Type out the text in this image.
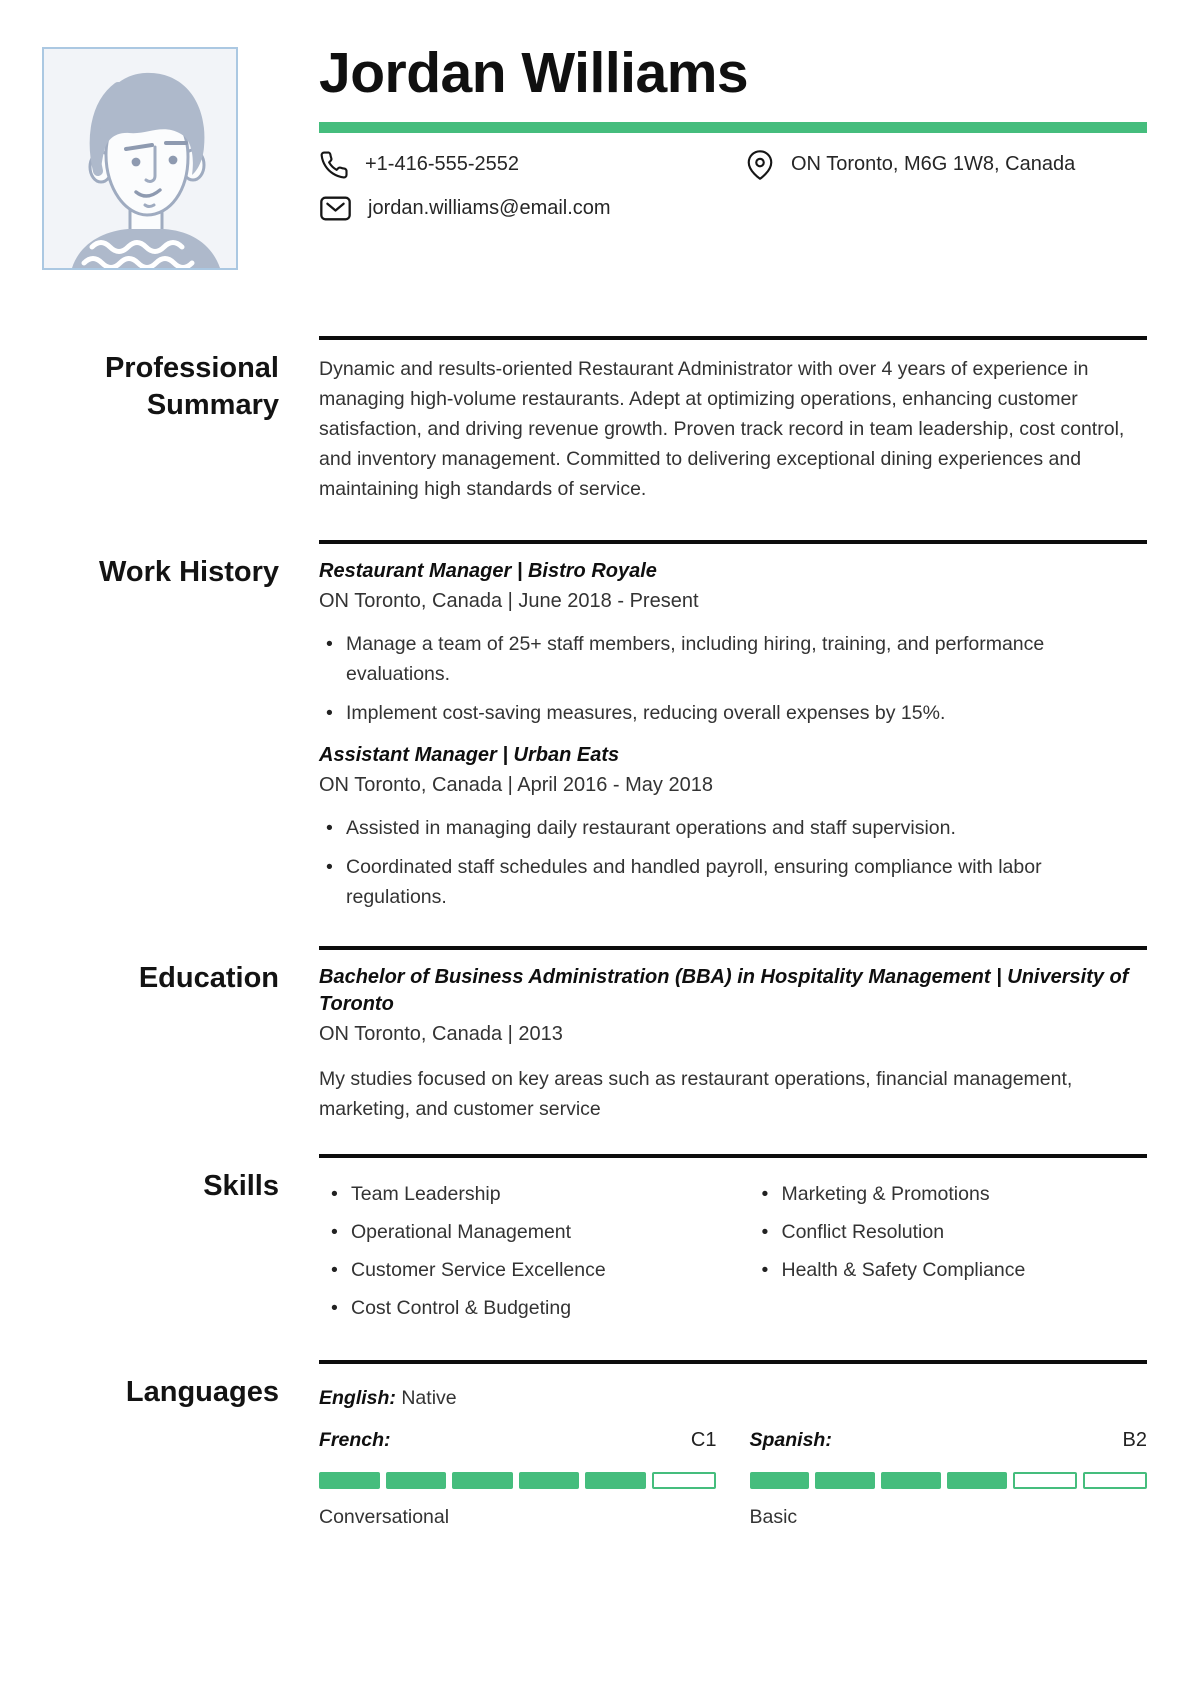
Jordan Williams
+1-416-555-2552	ON Toronto, M6G 1W8, Canada
jordan.williams@email.com
Professional Summary
Dynamic and results-oriented Restaurant Administrator with over 4 years of experience in managing high-volume restaurants. Adept at optimizing operations, enhancing customer satisfaction, and driving revenue growth. Proven track record in team leadership, cost control, and inventory management. Committed to delivering exceptional dining experiences and maintaining high standards of service.
Work History Restaurant Manager | Bistro Royale
ON Toronto, Canada | June 2018 - Present
• Manage a team of 25+ staff members, including hiring, training, and performance evaluations.
• Implement cost-saving measures, reducing overall expenses by 15%.
Assistant Manager | Urban Eats
ON Toronto, Canada | April 2016 - May 2018
• Assisted in managing daily restaurant operations and staff supervision.
• Coordinated staff schedules and handled payroll, ensuring compliance with labor regulations.
Education Bachelor of Business Administration (BBA) in Hospitality Management | University of Toronto
ON Toronto, Canada | 2013
My studies focused on key areas such as restaurant operations, financial management, marketing, and customer service
Skills	• Team Leadership
• Operational Management
• Customer Service Excellence
• Cost Control & Budgeting
• Marketing & Promotions
• Conflict Resolution
• Health & Safety Compliance
Languages English: Native
French:	C1
Conversational
Spanish:	B2
Basic
